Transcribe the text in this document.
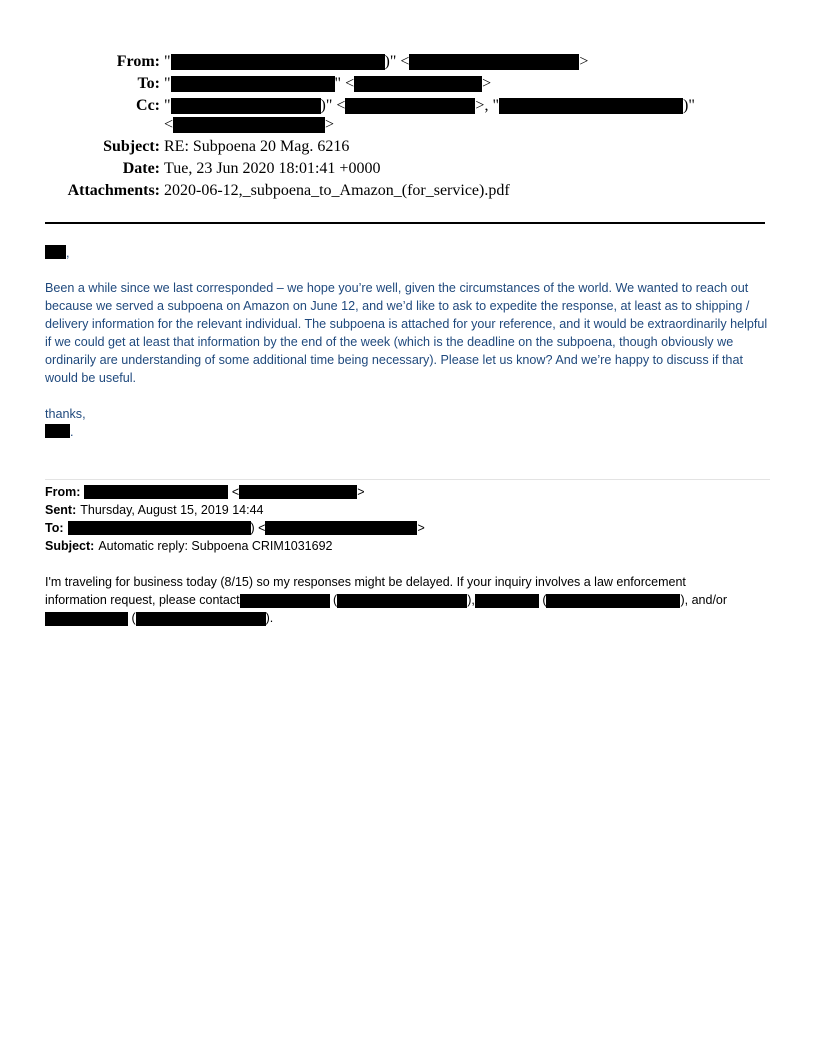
From: "	)" <	>
To: "	" <	>
Cc: "	)" <	>, "	)"
<	>
Subject: RE: Subpoena 20 Mag. 6216
Date: Tue, 23 Jun 2020 18:01:41 +0000
Attachments: 2020-06-12,_subpoena_to_Amazon_(for_service).pdf
,
Been a while since we last corresponded – we hope you’re well, given the circumstances of the world. We wanted to reach out because we served a subpoena on Amazon on June 12, and we’d like to ask to expedite the response, at least as to shipping / delivery information for the relevant individual. The subpoena is attached for your reference, and it would be extraordinarily helpful if we could get at least that information by the end of the week (which is the deadline on the subpoena, though obviously we ordinarily are understanding of some additional time being necessary). Please let us know? And we’re happy to discuss if that would be useful.
thanks,
.
From:	<	>
Sent: Thursday, August 15, 2019 14:44
To:	) <	>
Subject: Automatic reply: Subpoena CRIM1031692
I'm traveling for business today (8/15) so my responses might be delayed. If your inquiry involves a law enforcement
information request, please contact	(	),	(	), and/or
(	).
